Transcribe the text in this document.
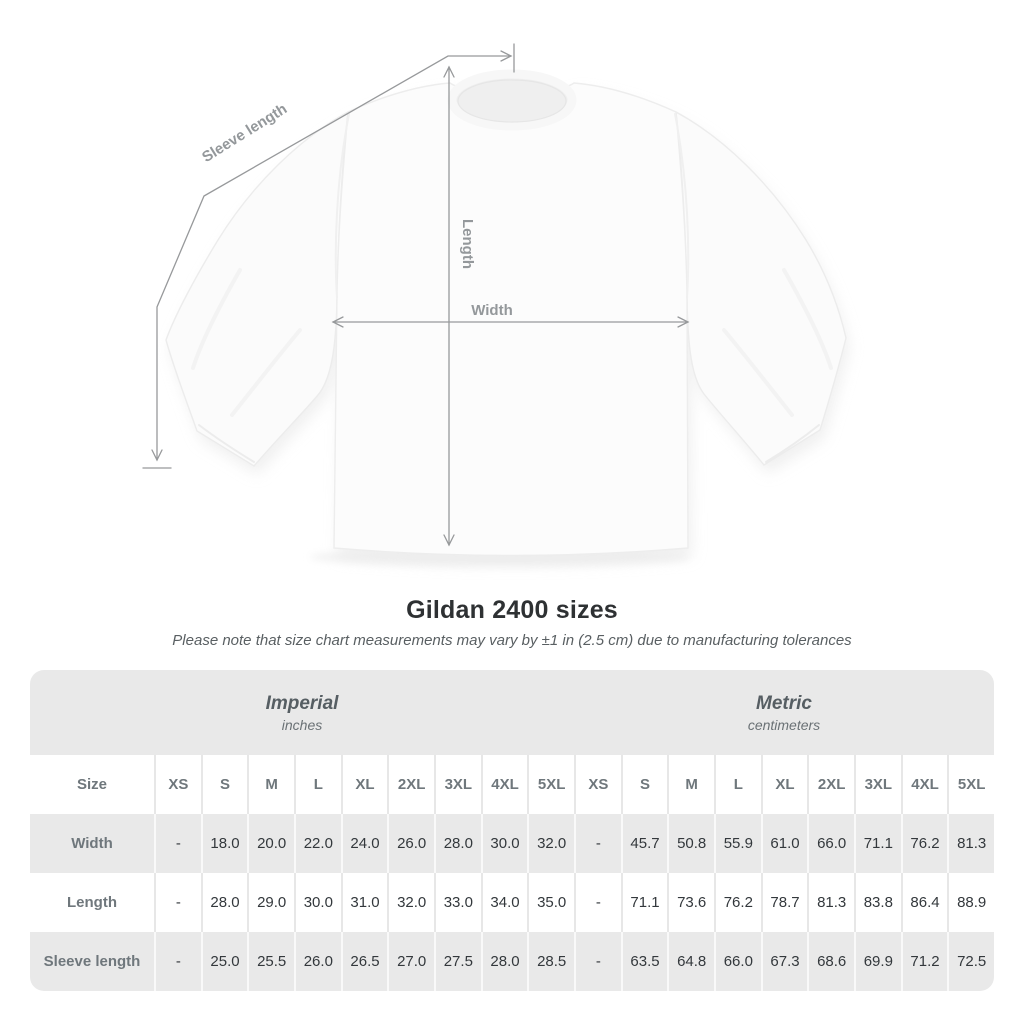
Sleeve length
Length
Width
Gildan 2400 sizes
Please note that size chart measurements may vary by ±1 in (2.5 cm) due to manufacturing tolerances
Imperial
inches
Metric
centimeters
Size	XS	S	M	L	XL	2XL	3XL	4XL	5XL	XS	S	M	L	XL	2XL	3XL	4XL	5XL
Width	-	18.0	20.0	22.0	24.0	26.0	28.0	30.0	32.0	-	45.7	50.8	55.9	61.0	66.0	71.1	76.2	81.3
Length	-	28.0	29.0	30.0	31.0	32.0	33.0	34.0	35.0	-	71.1	73.6	76.2	78.7	81.3	83.8	86.4	88.9
Sleeve length	-	25.0	25.5	26.0	26.5	27.0	27.5	28.0	28.5	-	63.5	64.8	66.0	67.3	68.6	69.9	71.2	72.5
